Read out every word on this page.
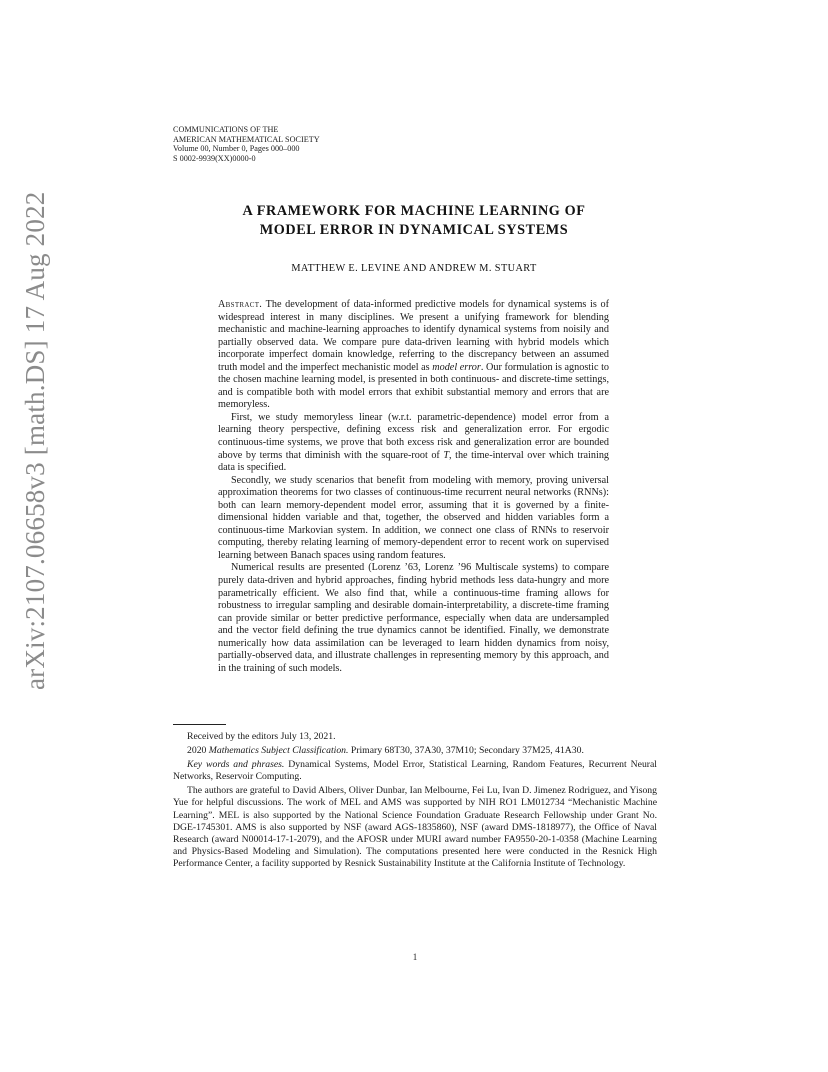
COMMUNICATIONS OF THE
AMERICAN MATHEMATICAL SOCIETY
Volume 00, Number 0, Pages 000–000
S 0002-9939(XX)0000-0
arXiv:2107.06658v3 [math.DS] 17 Aug 2022	A FRAMEWORK FOR MACHINE LEARNING OF
MODEL ERROR IN DYNAMICAL SYSTEMS
MATTHEW E. LEVINE AND ANDREW M. STUART

Abstract. The development of data-informed predictive models for dynamical systems is of widespread interest in many disciplines. We present a unifying framework for blending mechanistic and machine-learning approaches to identify dynamical systems from noisily and partially observed data. We compare pure data-driven learning with hybrid models which incorporate imperfect domain knowledge, referring to the discrepancy between an assumed truth model and the imperfect mechanistic model as model error. Our formulation is agnostic to the chosen machine learning model, is presented in both continuous- and discrete-time settings, and is compatible both with model errors that exhibit substantial memory and errors that are memoryless.

First, we study memoryless linear (w.r.t. parametric-dependence) model error from a learning theory perspective, defining excess risk and generalization error. For ergodic continuous-time systems, we prove that both excess risk and generalization error are bounded above by terms that diminish with the square-root of T, the time-interval over which training data is specified.

Secondly, we study scenarios that benefit from modeling with memory, proving universal approximation theorems for two classes of continuous-time recurrent neural networks (RNNs): both can learn memory-dependent model error, assuming that it is governed by a finite-dimensional hidden variable and that, together, the observed and hidden variables form a continuous-time Markovian system. In addition, we connect one class of RNNs to reservoir computing, thereby relating learning of memory-dependent error to recent work on supervised learning between Banach spaces using random features.

Numerical results are presented (Lorenz ’63, Lorenz ’96 Multiscale systems) to compare purely data-driven and hybrid approaches, finding hybrid methods less data-hungry and more parametrically efficient. We also find that, while a continuous-time framing allows for robustness to irregular sampling and desirable domain-interpretability, a discrete-time framing can provide similar or better predictive performance, especially when data are undersampled and the vector field defining the true dynamics cannot be identified. Finally, we demonstrate numerically how data assimilation can be leveraged to learn hidden dynamics from noisy, partially-observed data, and illustrate challenges in representing memory by this approach, and in the training of such models.

Received by the editors July 13, 2021.

2020 Mathematics Subject Classification. Primary 68T30, 37A30, 37M10; Secondary 37M25, 41A30.

Key words and phrases. Dynamical Systems, Model Error, Statistical Learning, Random Features, Recurrent Neural Networks, Reservoir Computing.

The authors are grateful to David Albers, Oliver Dunbar, Ian Melbourne, Fei Lu, Ivan D. Jimenez Rodriguez, and Yisong Yue for helpful discussions. The work of MEL and AMS was supported by NIH RO1 LM012734 “Mechanistic Machine Learning”. MEL is also supported by the National Science Foundation Graduate Research Fellowship under Grant No. DGE-1745301. AMS is also supported by NSF (award AGS-1835860), NSF (award DMS-1818977), the Office of Naval Research (award N00014-17-1-2079), and the AFOSR under MURI award number FA9550-20-1-0358 (Machine Learning and Physics-Based Modeling and Simulation). The computations presented here were conducted in the Resnick High Performance Center, a facility supported by Resnick Sustainability Institute at the California Institute of Technology.

1
